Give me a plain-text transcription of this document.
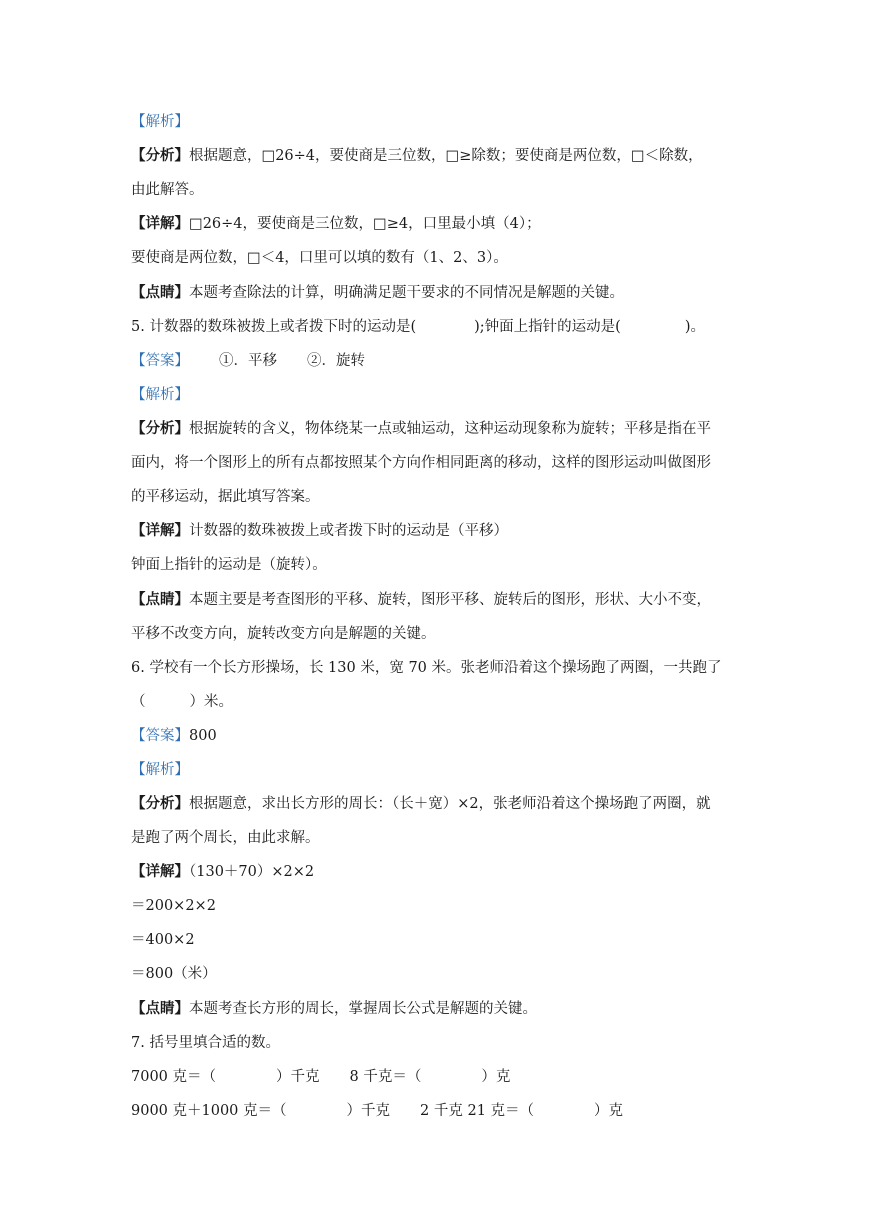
【解析】
【分析】根据题意，□26÷4，要使商是三位数，□≥除数；要使商是两位数，□＜除数，
由此解答。
【详解】□26÷4，要使商是三位数，□≥4，口里最小填（4）；
要使商是两位数，□＜4，口里可以填的数有（1、2、3）。
【点睛】本题考查除法的计算，明确满足题干要求的不同情况是解题的关键。
5. 计数器的数珠被拨上或者拨下时的运动是(	);钟面上指针的运动是(	)。
【答案】 ①．平移 ②．旋转
【解析】
【分析】根据旋转的含义，物体绕某一点或轴运动，这种运动现象称为旋转；平移是指在平
面内，将一个图形上的所有点都按照某个方向作相同距离的移动，这样的图形运动叫做图形
的平移运动，据此填写答案。
【详解】计数器的数珠被拨上或者拨下时的运动是（平移）
钟面上指针的运动是（旋转）。
【点睛】本题主要是考查图形的平移、旋转，图形平移、旋转后的图形，形状、大小不变，
平移不改变方向，旋转改变方向是解题的关键。
6. 学校有一个长方形操场，长 130 米，宽 70 米。张老师沿着这个操场跑了两圈，一共跑了
（	）米。
【答案】800
【解析】
【分析】根据题意，求出长方形的周长：（长＋宽）×2，张老师沿着这个操场跑了两圈，就
是跑了两个周长，由此求解。
【详解】（130＋70）×2×2
＝200×2×2
＝400×2
＝800（米）
【点睛】本题考查长方形的周长，掌握周长公式是解题的关键。
7. 括号里填合适的数。
7000 克＝（	）千克 8 千克＝（	）克
9000 克＋1000 克＝（	）千克 2 千克 21 克＝（	）克
